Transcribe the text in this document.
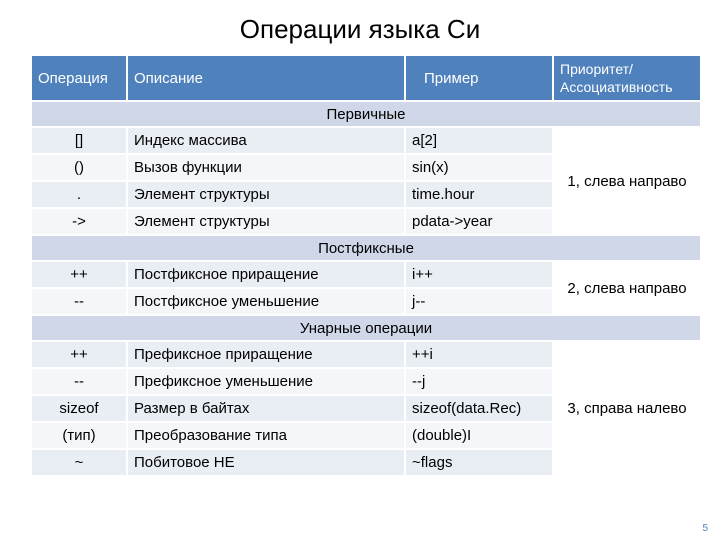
Операции языка Си
Операция	Описание	Пример	Приоритет/ Ассоциативность
Первичные			
[]	Индекс массива	a[2]	1, слева направо
()	Вызов функции	sin(x)	
.	Элемент структуры	time.hour	
->	Элемент структуры	pdata->year	
Постфиксные			
++	Постфиксное приращение	i++	2, слева направо
--	Постфиксное уменьшение	j--	
Унарные операции			
++	Префиксное приращение	++i	3, справа налево
--	Префиксное уменьшение	--j	
sizeof	Размер в байтах	sizeof(data.Rec)	
(тип)	Преобразование типа	(double)I	
~	Побитовое НЕ	~flags	
5
